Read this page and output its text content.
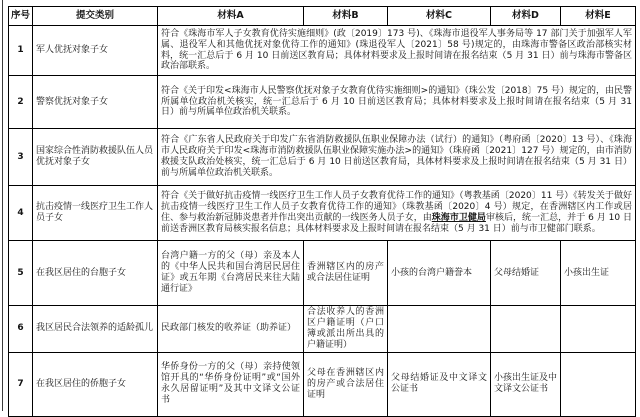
序号	提交类别	材料A	材料B	材料C	材料D	材料E
1	军人优抚对象子女	符合《珠海市军人子女教育优待实施细则》(政〔2019〕173 号)、《珠海市退役军人事务局等 17 部门关于加强军人军属、退役军人和其他优抚对象优待工作的通知》(珠退役军人〔2021〕58 号)规定的，由珠海市警备区政治部核实材料，统一汇总后于 6 月 10 日前送区教育局；具体材料要求及上报时间请在报名结束（5 月 31 日）前与珠海市警备区政治部联系。				
2	警察优抚对象子女	符合《关于印发<珠海市人民警察优抚对象子女教育优待实施细则>的通知》（珠公发〔2018〕75 号）规定的，由民警所属单位政治机关核实，统一汇总后于 6 月 10 日前送区教育局；具体材料要求及上报时间请在报名结束（5 月 31 日）前与所属单位政治机关联系。				
3	国家综合性消防救援队伍人员优抚对象子女	符合《广东省人民政府关于印发广东省消防救援队伍职业保障办法（试行）的通知》（粤府函〔2020〕13 号）、《珠海市人民政府关于印发<珠海市消防救援队伍职业保障实施办法>的通知》（珠府函〔2021〕127 号）规定的，由市消防救援支队政治处核实，统一汇总后于 6 月 10 日前送区教育局，具体材料要求及上报时间请在报名结束（5 月 31 日）前与所属单位政治机关联系。				
4	抗击疫情一线医疗卫生工作人员子女	符合《关于做好抗击疫情一线医疗卫生工作人员子女教育优待工作的通知》（粤教基函〔2020〕11 号）《转发关于做好抗击疫情一线医疗卫生工作人员子女教育优待工作的通知》（珠教基函〔2020〕4 号）规定，在香洲辖区内工作或居住、参与救治新冠肺炎患者并作出突出贡献的一线医务人员子女，由珠海市卫健局审核后，统一汇总，并于 6 月 10 日前送香洲区教育局核实报名信息；具体材料要求及上报时间请在报名结束（5 月 31 日）前与市卫健部门联系。				
5	在我区居住的台胞子女	台湾户籍一方的父（母）亲及本人的《中华人民共和国台湾居民居住证》或五年期《台湾居民来往大陆通行证》	香洲辖区内的房产或合法居住证明	小孩的台湾户籍誊本	父母结婚证	小孩出生证
6	我区居民合法领养的适龄孤儿	民政部门核发的收养证（助养证）	合法收养人的香洲区户籍证明（户口簿或派出所出具的户籍证明）			
7	在我区居住的侨胞子女	华侨身份一方的父（母）亲持使领馆开具的“华侨身份证明”或“国外永久居留证明”及其中文译文公证书	父母在香洲辖区内的房产或合法居住证明	父母结婚证及中文译文公证书	小孩出生证及中文译文公证书	
